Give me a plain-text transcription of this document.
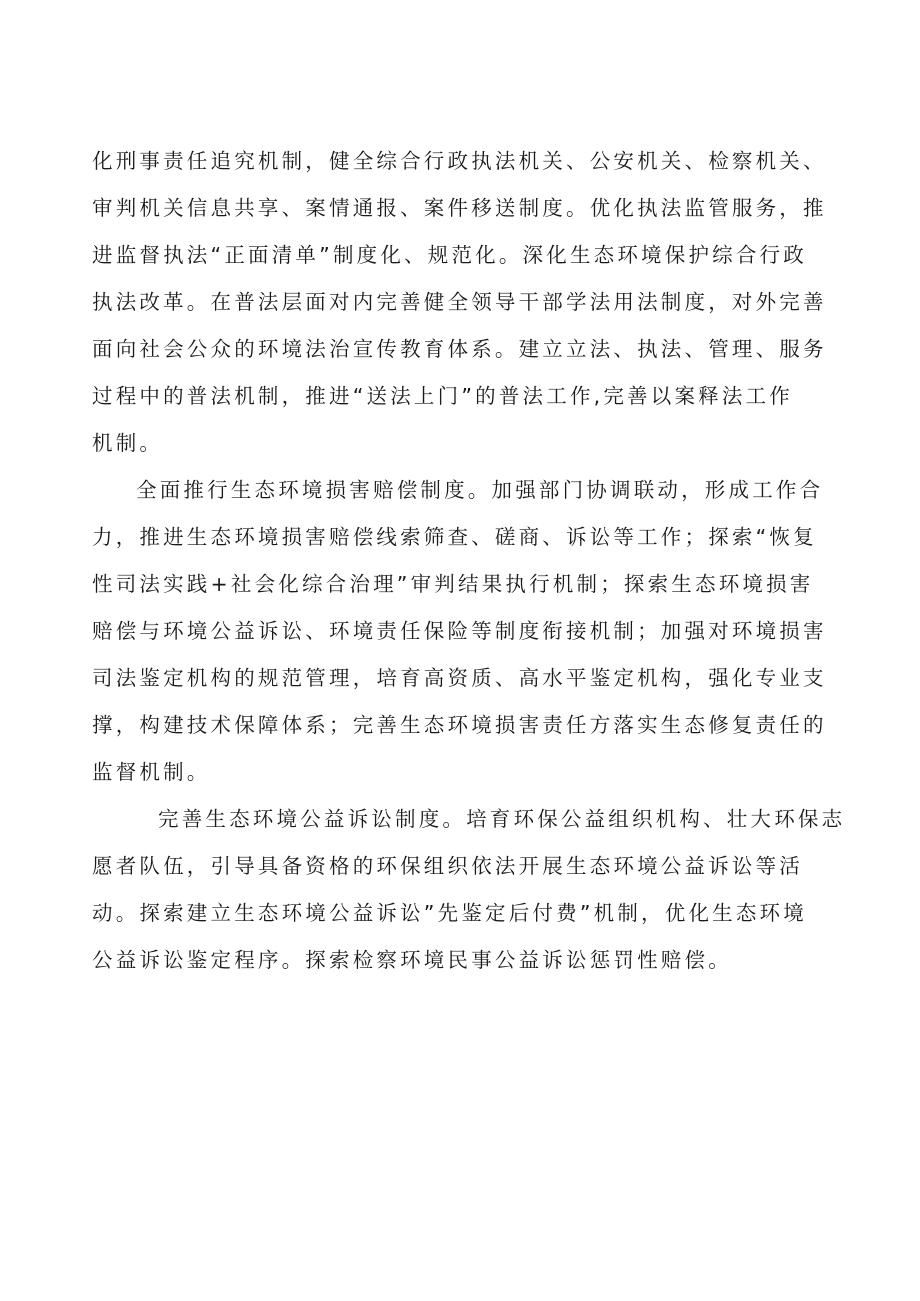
化刑事责任追究机制，健全综合行政执法机关、公安机关、检察机关、
审判机关信息共享、案情通报、案件移送制度。优化执法监管服务，推
进监督执法“正面清单”制度化、规范化。深化生态环境保护综合行政
执法改革。在普法层面对内完善健全领导干部学法用法制度，对外完善
面向社会公众的环境法治宣传教育体系。建立立法、执法、管理、服务
过程中的普法机制，推进“送法上门”的普法工作,完善以案释法工作
机制。

全面推行生态环境损害赔偿制度。加强部门协调联动，形成工作合
力，推进生态环境损害赔偿线索筛查、磋商、诉讼等工作；探索“恢复
性司法实践+社会化综合治理”审判结果执行机制；探索生态环境损害
赔偿与环境公益诉讼、环境责任保险等制度衔接机制；加强对环境损害
司法鉴定机构的规范管理，培育高资质、高水平鉴定机构，强化专业支
撑，构建技术保障体系；完善生态环境损害责任方落实生态修复责任的
监督机制。

完善生态环境公益诉讼制度。培育环保公益组织机构、壮大环保志
愿者队伍，引导具备资格的环保组织依法开展生态环境公益诉讼等活
动。探索建立生态环境公益诉讼”先鉴定后付费”机制，优化生态环境
公益诉讼鉴定程序。探索检察环境民事公益诉讼惩罚性赔偿。
